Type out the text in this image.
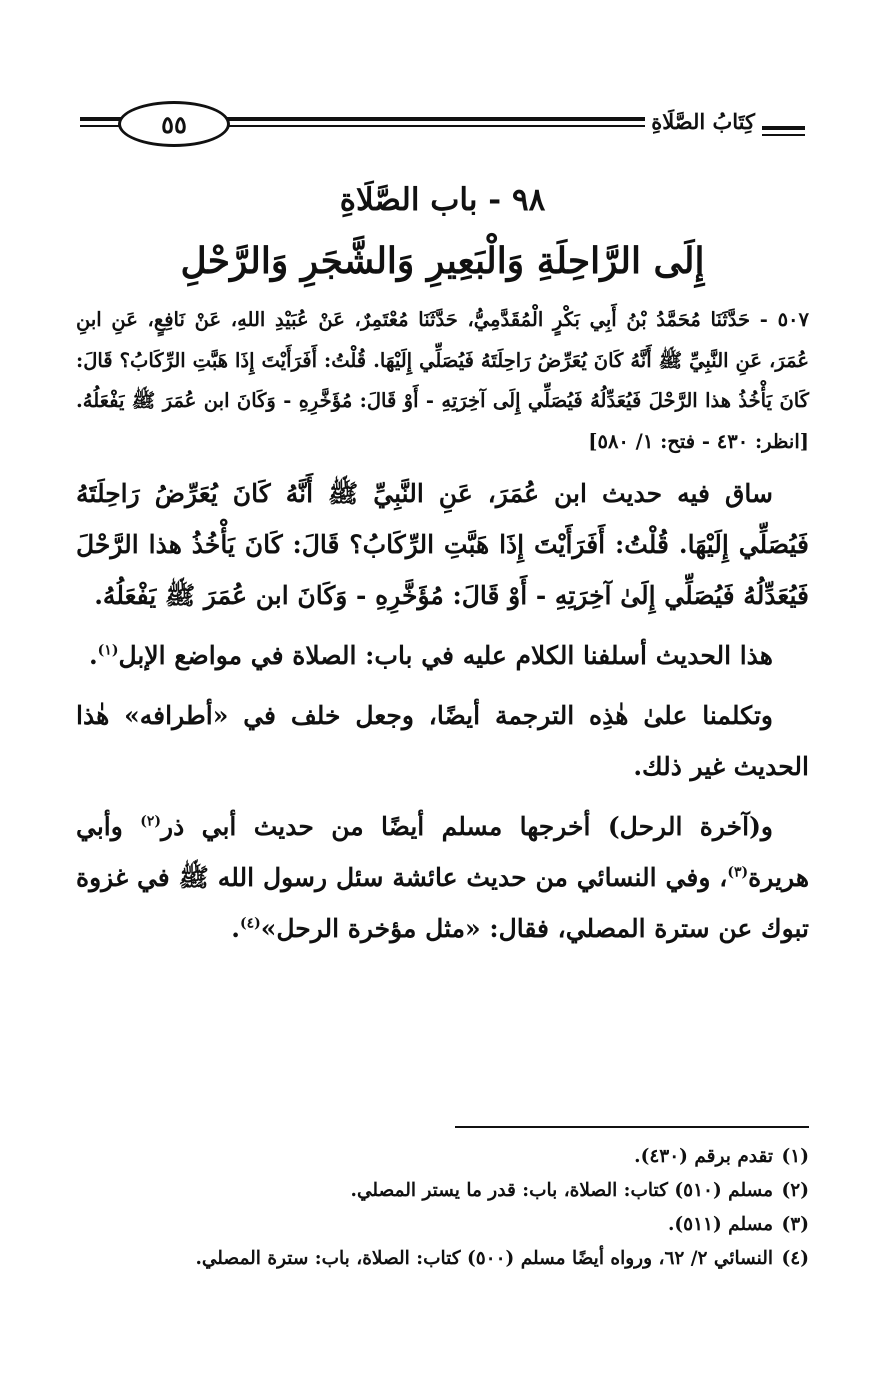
٥٥	كِتَابُ الصَّلَاةِ
٩٨ - باب الصَّلَاةِ
إِلَى الرَّاحِلَةِ وَالْبَعِيرِ وَالشَّجَرِ وَالرَّحْلِ

٥٠٧ - حَدَّثَنَا مُحَمَّدُ بْنُ أَبِي بَكْرٍ الْمُقَدَّمِيُّ، حَدَّثَنَا مُعْتَمِرٌ، عَنْ عُبَيْدِ اللهِ، عَنْ نَافِعٍ، عَنِ ابنِ عُمَرَ، عَنِ النَّبِيِّ ﷺ أَنَّهُ كَانَ يُعَرِّضُ رَاحِلَتَهُ فَيُصَلِّي إِلَيْهَا. قُلْتُ: أَفَرَأَيْتَ إِذَا هَبَّتِ الرِّكَابُ؟ قَالَ: كَانَ يَأْخُذُ هذا الرَّحْلَ فَيُعَدِّلُهُ فَيُصَلِّي إِلَى آخِرَتِهِ - أَوْ قَالَ: مُؤَخَّرِهِ - وَكَانَ ابن عُمَرَ ﷺ يَفْعَلُهُ. [انظر: ٤٣٠ - فتح: ١/ ٥٨٠]

ساق فيه حديث ابن عُمَرَ، عَنِ النَّبِيِّ ﷺ أَنَّهُ كَانَ يُعَرِّضُ رَاحِلَتَهُ فَيُصَلِّي إِلَيْهَا. قُلْتُ: أَفَرَأَيْتَ إِذَا هَبَّتِ الرِّكَابُ؟ قَالَ: كَانَ يَأْخُذُ هذا الرَّحْلَ فَيُعَدِّلُهُ فَيُصَلِّي إِلَىٰ آخِرَتِهِ - أَوْ قَالَ: مُؤَخَّرِهِ - وَكَانَ ابن عُمَرَ ﷺ يَفْعَلُهُ.

هذا الحديث أسلفنا الكلام عليه في باب: الصلاة في مواضع الإبل$^{(١)}$.

وتكلمنا علىٰ هٰذِه الترجمة أيضًا، وجعل خلف في «أطرافه» هٰذا الحديث غير ذلك.

و(آخرة الرحل) أخرجها مسلم أيضًا من حديث أبي ذر$^{(٢)}$ وأبي هريرة$^{(٣)}$، وفي النسائي من حديث عائشة سئل رسول الله ﷺ في غزوة تبوك عن سترة المصلي، فقال: «مثل مؤخرة الرحل»$^{(٤)}$.

(١)تقدم برقم (٤٣٠).
(٢)مسلم (٥١٠) كتاب: الصلاة، باب: قدر ما يستر المصلي.
(٣)مسلم (٥١١).
(٤)النسائي ٢/ ٦٢، ورواه أيضًا مسلم (٥٠٠) كتاب: الصلاة، باب: سترة المصلي.
